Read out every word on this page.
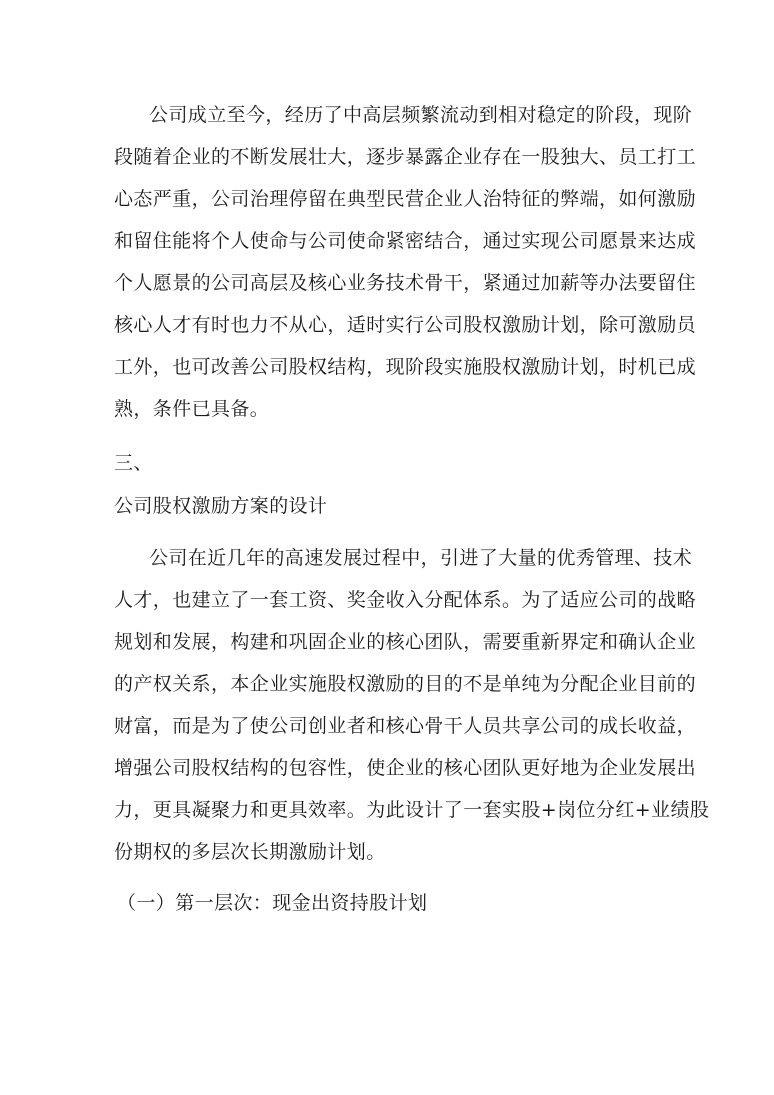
公司成立至今，经历了中高层频繁流动到相对稳定的阶段，现阶
段随着企业的不断发展壮大，逐步暴露企业存在一股独大、员工打工
心态严重，公司治理停留在典型民营企业人治特征的弊端，如何激励
和留住能将个人使命与公司使命紧密结合，通过实现公司愿景来达成
个人愿景的公司高层及核心业务技术骨干，紧通过加薪等办法要留住
核心人才有时也力不从心，适时实行公司股权激励计划，除可激励员
工外，也可改善公司股权结构，现阶段实施股权激励计划，时机已成
熟，条件已具备。
三、
公司股权激励方案的设计
公司在近几年的高速发展过程中，引进了大量的优秀管理、技术
人才，也建立了一套工资、奖金收入分配体系。为了适应公司的战略
规划和发展，构建和巩固企业的核心团队，需要重新界定和确认企业
的产权关系，本企业实施股权激励的目的不是单纯为分配企业目前的
财富，而是为了使公司创业者和核心骨干人员共享公司的成长收益，
增强公司股权结构的包容性，使企业的核心团队更好地为企业发展出
力，更具凝聚力和更具效率。为此设计了一套实股+岗位分红+业绩股
份期权的多层次长期激励计划。
（一）第一层次：现金出资持股计划
